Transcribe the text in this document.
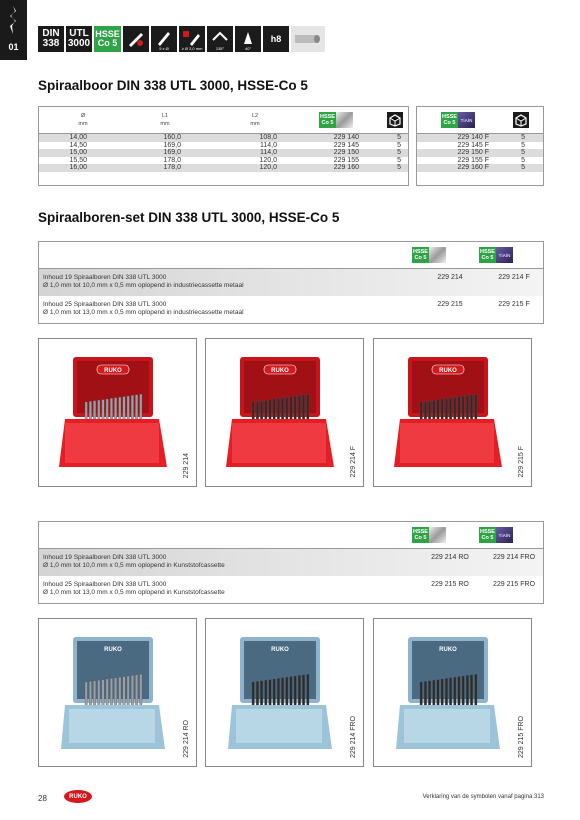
01
DIN
338
UTL
3000
HSSE
Co 5
5 x Ø	≥ Ø 2,0 mm	135°	40°
h8
Spiraalboor DIN 338 UTL 3000, HSSE-Co 5
Ø
mm
L1
mm
L2
mm
HSSE
Co 5
14,00	160,0	108,0	229 140	5
14,50	169,0	114,0	229 145	5
15,00	169,0	114,0	229 150	5
15,50	178,0	120,0	229 155	5
16,00	178,0	120,0	229 160	5
HSSE
Co 5	TiAlN
229 140 F	5
229 145 F	5
229 150 F	5
229 155 F	5
229 160 F	5
Spiraalboren-set DIN 338 UTL 3000, HSSE-Co 5
HSSE
Co 5
HSSE
Co 5	TiAlN
Inhoud 19 Spiraalboren DIN 338 UTL 3000
Ø 1,0 mm tot 10,0 mm x 0,5 mm oplopend in industriecassette metaal
229 214	229 214 F
Inhoud 25 Spiraalboren DIN 338 UTL 3000
Ø 1,0 mm tot 13,0 mm x 0,5 mm oplopend in industriecassette metaal
229 215	229 215 F
RUKO
229 214
RUKO
229 214 F
RUKO
229 215 F
HSSE
Co 5
HSSE
Co 5	TiAlN
Inhoud 19 Spiraalboren DIN 338 UTL 3000
Ø 1,0 mm tot 10,0 mm x 0,5 mm oplopend in Kunststofcassette
229 214 RO	229 214 FRO
Inhoud 25 Spiraalboren DIN 338 UTL 3000
Ø 1,0 mm tot 13,0 mm x 0,5 mm oplopend in Kunststofcassette
229 215 RO	229 215 FRO
RUKO
229 214 RO
RUKO
229 214 FRO
RUKO
229 215 FRO
28	RUKO	Verklaring van de symbolen vanaf pagina 313
